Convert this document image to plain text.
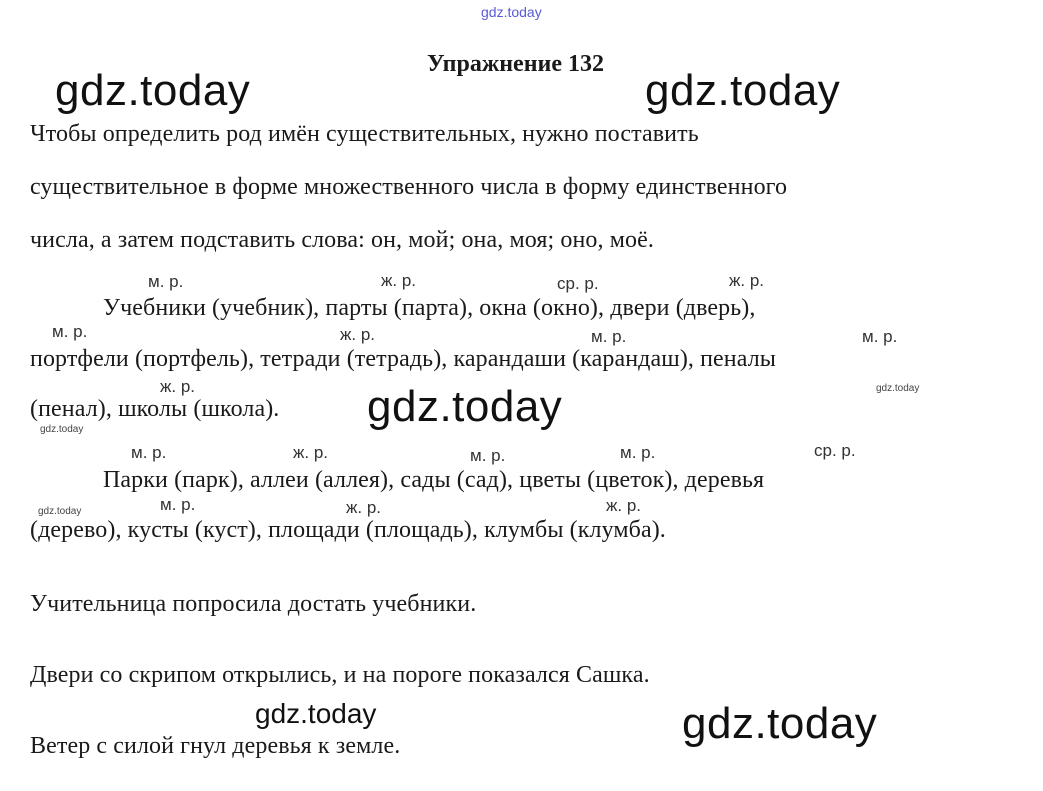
gdz.today
Упражнение 132
gdz.today	gdz.today
gdz.today
gdz.today
gdz.today
gdz.today
gdz.today
gdz.today
Чтобы определить род имён существительных, нужно поставить
существительное в форме множественного числа в форму единственного
числа, а затем подставить слова: он, мой; она, моя; оно, моё.
м. р.	ж. р.	ср. р.	ж. р.
Учебники (учебник), парты (парта), окна (окно), двери (дверь),
м. р.	ж. р.	м. р.	м. р.
портфели (портфель), тетради (тетрадь), карандаши (карандаш), пеналы
ж. р.
(пенал), школы (школа).
м. р.	ж. р.	м. р.	м. р.	ср. р.
Парки (парк), аллеи (аллея), сады (сад), цветы (цветок), деревья
м. р.	ж. р.	ж. р.
(дерево), кусты (куст), площади (площадь), клумбы (клумба).
Учительница попросила достать учебники.
Двери со скрипом открылись, и на пороге показался Сашка.
Ветер с силой гнул деревья к земле.
